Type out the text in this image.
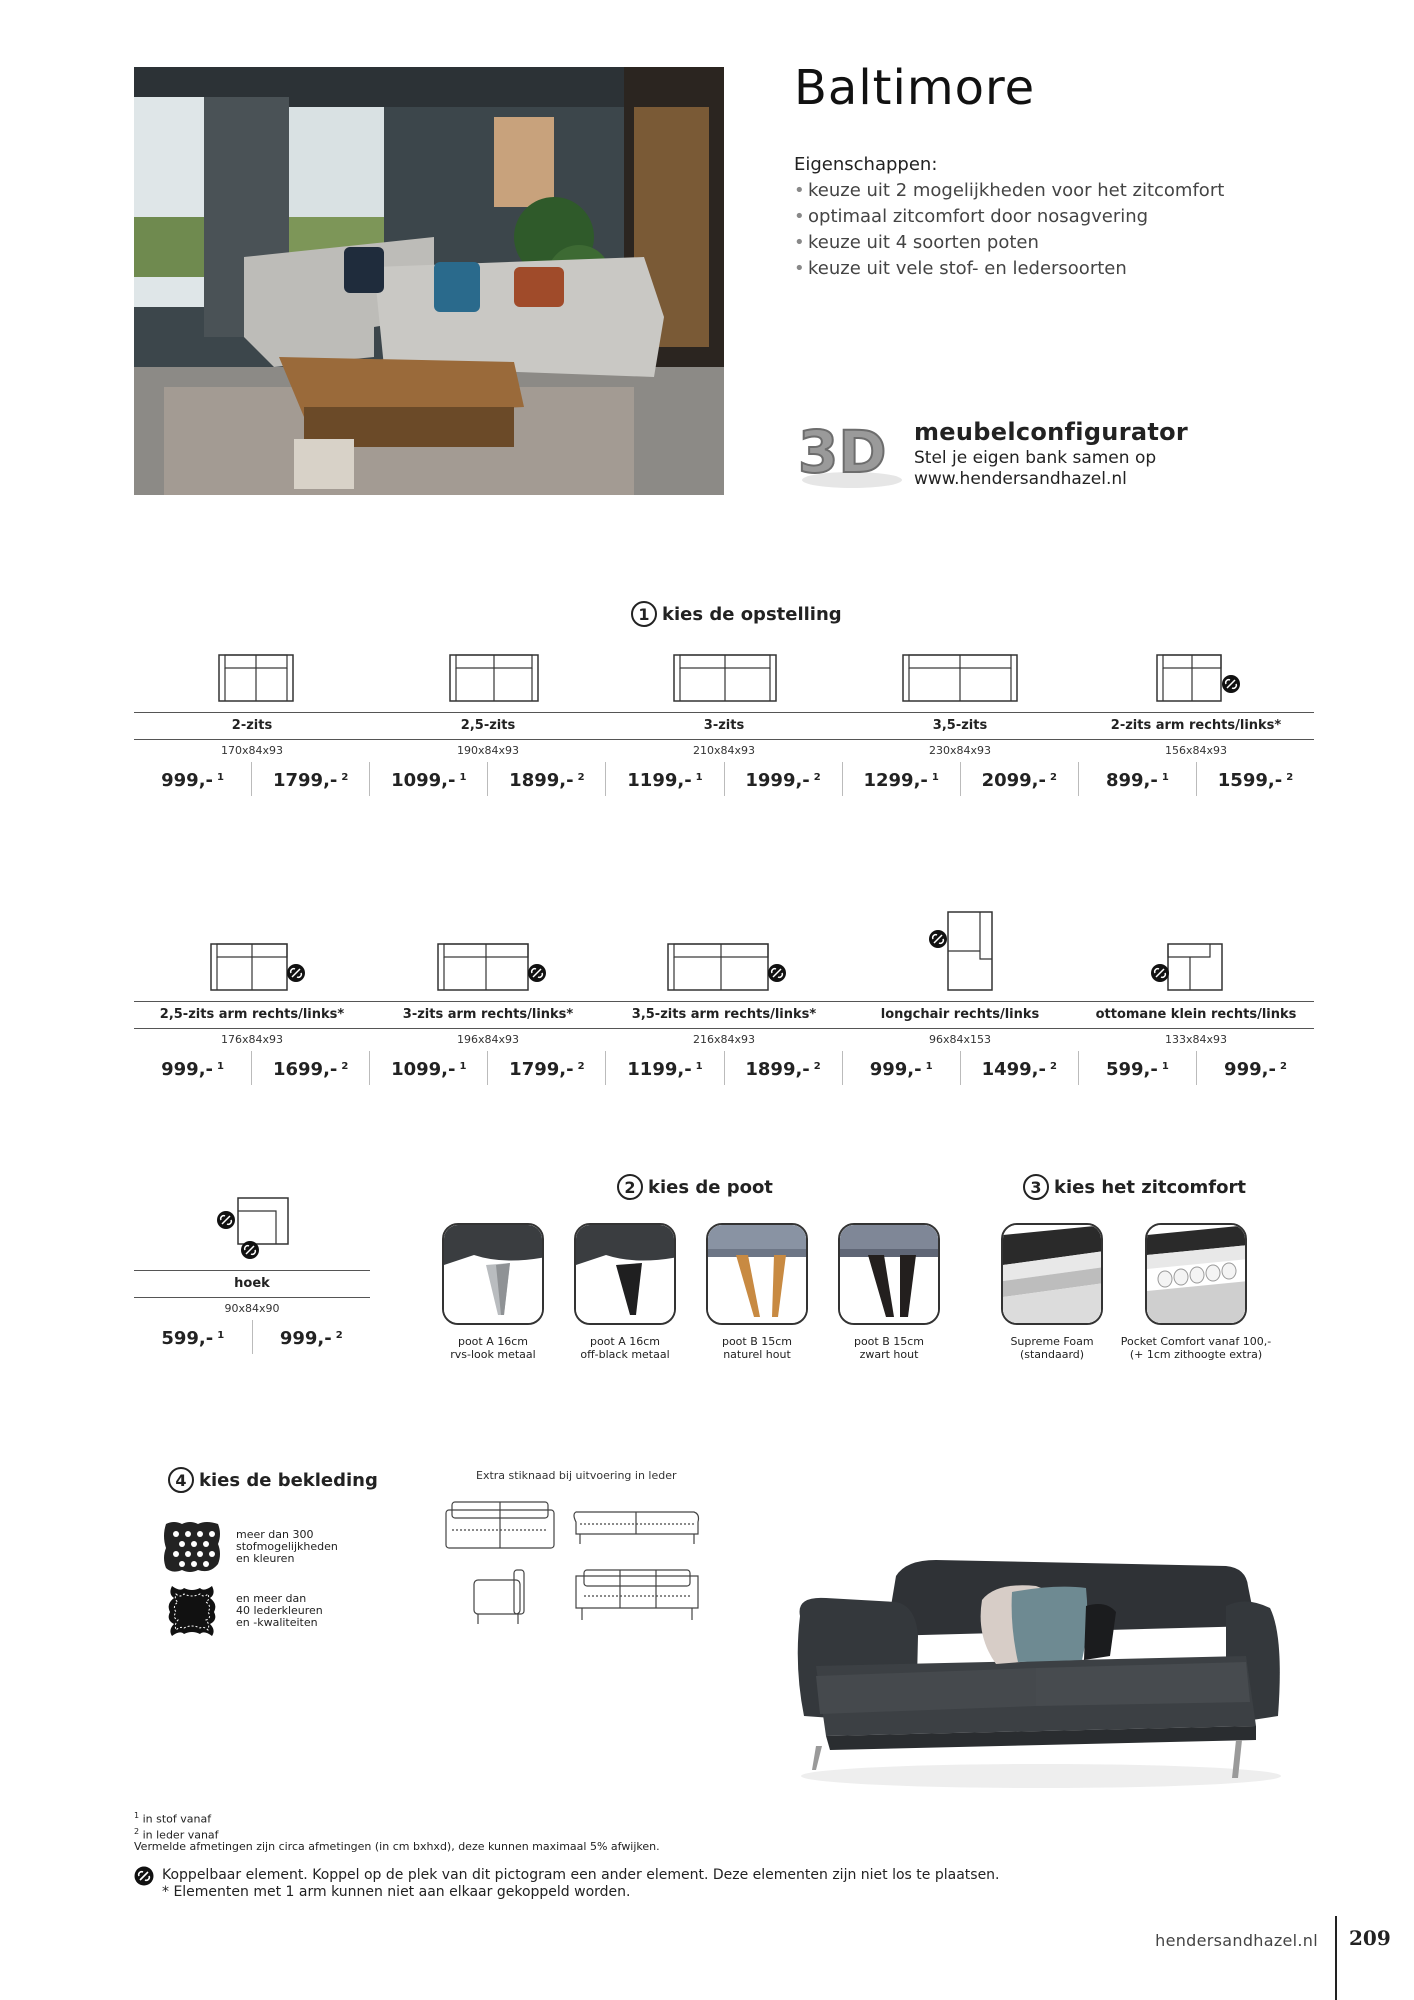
Baltimore
Eigenschappen:
• keuze uit 2 mogelijkheden voor het zitcomfort
• optimaal zitcomfort door nosagvering
• keuze uit 4 soorten poten
• keuze uit vele stof- en ledersoorten
3D meubelconfigurator
Stel je eigen bank samen op
www.hendersandhazel.nl
1 kies de opstelling
2-zits	2,5-zits	3-zits	3,5-zits	2-zits arm rechts/links*
170x84x93	190x84x93	210x84x93	230x84x93	156x84x93
999,- $^1$	1799,- $^2$	1099,- $^1$	1899,- $^2$	1199,- $^1$	1999,- $^2$	1299,- $^1$	2099,- $^2$	899,- $^1$	1599,- $^2$
2,5-zits arm rechts/links*	3-zits arm rechts/links*	3,5-zits arm rechts/links*	longchair rechts/links	ottomane klein rechts/links
176x84x93	196x84x93	216x84x93	96x84x153	133x84x93
999,- $^1$	1699,- $^2$	1099,- $^1$	1799,- $^2$	1199,- $^1$	1899,- $^2$	999,- $^1$	1499,- $^2$	599,- $^1$	999,- $^2$
hoek
90x84x90
599,- $^1$	999,- $^2$
2 kies de poot
poot A 16cm
rvs-look metaal
poot A 16cm
off-black metaal
poot B 15cm
naturel hout
poot B 15cm
zwart hout
3 kies het zitcomfort
Supreme Foam
(standaard)
Pocket Comfort vanaf 100,-
(+ 1cm zithoogte extra)
4 kies de bekleding
meer dan 300
stofmogelijkheden
en kleuren
en meer dan
40 lederkleuren
en -kwaliteiten
Extra stiknaad bij uitvoering in leder
$^1$ in stof vanaf
$^2$ in leder vanaf
Vermelde afmetingen zijn circa afmetingen (in cm bxhxd), deze kunnen maximaal 5% afwijken.
Koppelbaar element. Koppel op de plek van dit pictogram een ander element. Deze elementen zijn niet los te plaatsen.
* Elementen met 1 arm kunnen niet aan elkaar gekoppeld worden.
hendersandhazel.nl 209
